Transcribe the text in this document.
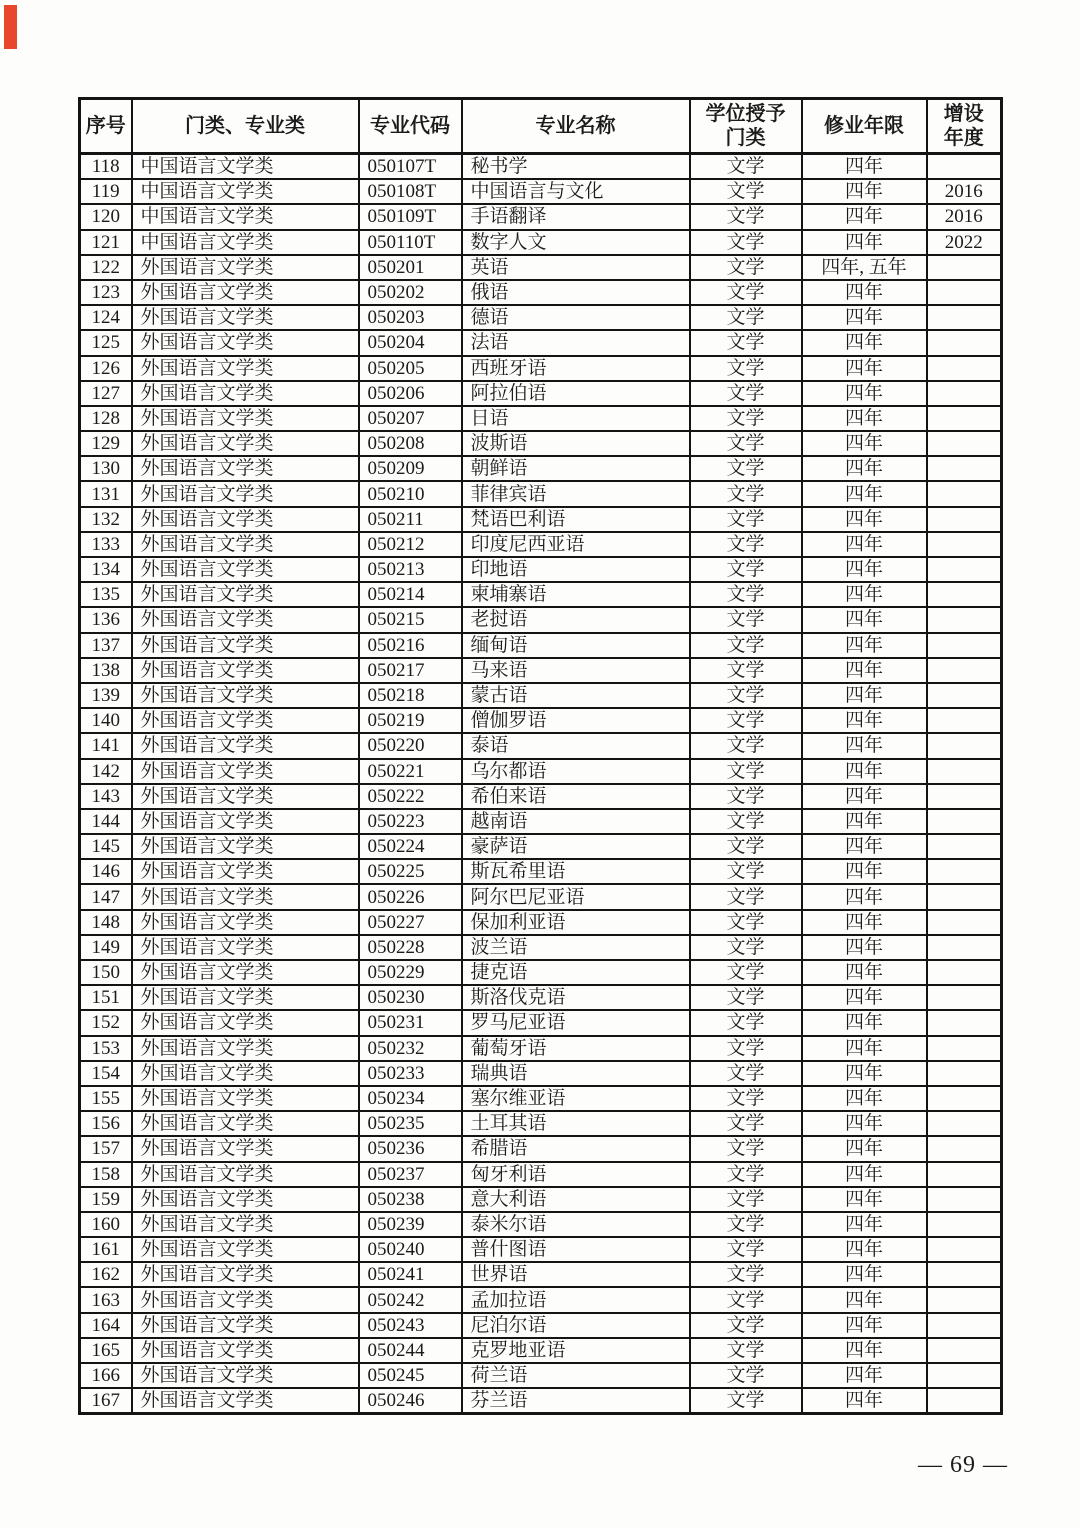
序号	门类、专业类	专业代码	专业名称	学位授予门类	修业年限	增设年度
118	中国语言文学类	050107T	秘书学	文学	四年	
119	中国语言文学类	050108T	中国语言与文化	文学	四年	2016
120	中国语言文学类	050109T	手语翻译	文学	四年	2016
121	中国语言文学类	050110T	数字人文	文学	四年	2022
122	外国语言文学类	050201	英语	文学	四年, 五年	
123	外国语言文学类	050202	俄语	文学	四年	
124	外国语言文学类	050203	德语	文学	四年	
125	外国语言文学类	050204	法语	文学	四年	
126	外国语言文学类	050205	西班牙语	文学	四年	
127	外国语言文学类	050206	阿拉伯语	文学	四年	
128	外国语言文学类	050207	日语	文学	四年	
129	外国语言文学类	050208	波斯语	文学	四年	
130	外国语言文学类	050209	朝鲜语	文学	四年	
131	外国语言文学类	050210	菲律宾语	文学	四年	
132	外国语言文学类	050211	梵语巴利语	文学	四年	
133	外国语言文学类	050212	印度尼西亚语	文学	四年	
134	外国语言文学类	050213	印地语	文学	四年	
135	外国语言文学类	050214	柬埔寨语	文学	四年	
136	外国语言文学类	050215	老挝语	文学	四年	
137	外国语言文学类	050216	缅甸语	文学	四年	
138	外国语言文学类	050217	马来语	文学	四年	
139	外国语言文学类	050218	蒙古语	文学	四年	
140	外国语言文学类	050219	僧伽罗语	文学	四年	
141	外国语言文学类	050220	泰语	文学	四年	
142	外国语言文学类	050221	乌尔都语	文学	四年	
143	外国语言文学类	050222	希伯来语	文学	四年	
144	外国语言文学类	050223	越南语	文学	四年	
145	外国语言文学类	050224	豪萨语	文学	四年	
146	外国语言文学类	050225	斯瓦希里语	文学	四年	
147	外国语言文学类	050226	阿尔巴尼亚语	文学	四年	
148	外国语言文学类	050227	保加利亚语	文学	四年	
149	外国语言文学类	050228	波兰语	文学	四年	
150	外国语言文学类	050229	捷克语	文学	四年	
151	外国语言文学类	050230	斯洛伐克语	文学	四年	
152	外国语言文学类	050231	罗马尼亚语	文学	四年	
153	外国语言文学类	050232	葡萄牙语	文学	四年	
154	外国语言文学类	050233	瑞典语	文学	四年	
155	外国语言文学类	050234	塞尔维亚语	文学	四年	
156	外国语言文学类	050235	土耳其语	文学	四年	
157	外国语言文学类	050236	希腊语	文学	四年	
158	外国语言文学类	050237	匈牙利语	文学	四年	
159	外国语言文学类	050238	意大利语	文学	四年	
160	外国语言文学类	050239	泰米尔语	文学	四年	
161	外国语言文学类	050240	普什图语	文学	四年	
162	外国语言文学类	050241	世界语	文学	四年	
163	外国语言文学类	050242	孟加拉语	文学	四年	
164	外国语言文学类	050243	尼泊尔语	文学	四年	
165	外国语言文学类	050244	克罗地亚语	文学	四年	
166	外国语言文学类	050245	荷兰语	文学	四年	
167	外国语言文学类	050246	芬兰语	文学	四年	
— 69 —
